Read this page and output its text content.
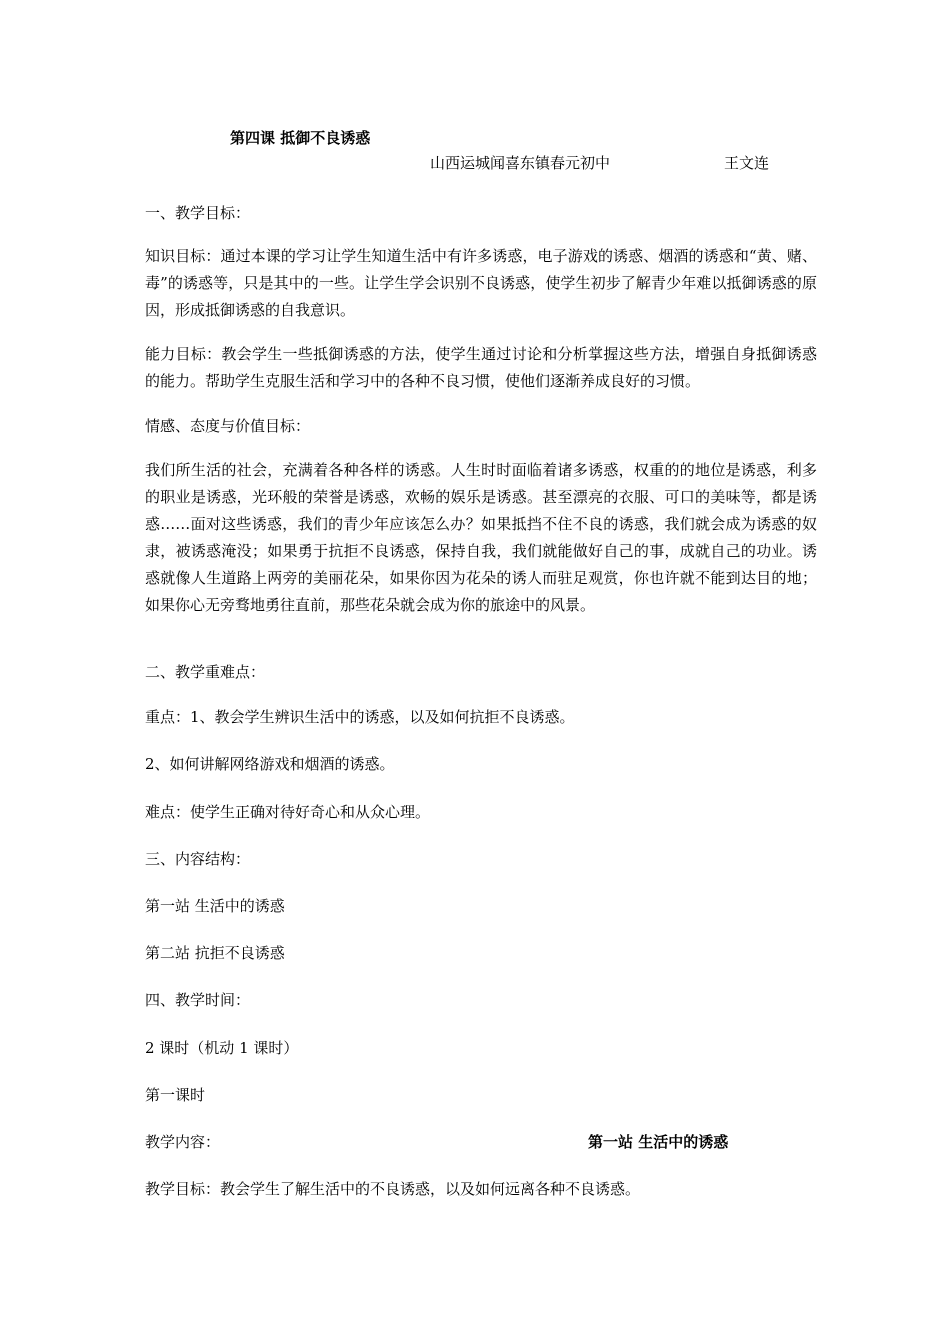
第四课 抵御不良诱惑
山西运城闻喜东镇春元初中	王文连
一、教学目标：
知识目标：通过本课的学习让学生知道生活中有许多诱惑，电子游戏的诱惑、烟酒的诱惑和“黄、赌、毒”的诱惑等，只是其中的一些。让学生学会识别不良诱惑，使学生初步了解青少年难以抵御诱惑的原因，形成抵御诱惑的自我意识。
能力目标：教会学生一些抵御诱惑的方法，使学生通过讨论和分析掌握这些方法，增强自身抵御诱惑的能力。帮助学生克服生活和学习中的各种不良习惯，使他们逐渐养成良好的习惯。
情感、态度与价值目标：
我们所生活的社会，充满着各种各样的诱惑。人生时时面临着诸多诱惑，权重的的地位是诱惑，利多的职业是诱惑，光环般的荣誉是诱惑，欢畅的娱乐是诱惑。甚至漂亮的衣服、可口的美味等，都是诱惑……面对这些诱惑，我们的青少年应该怎么办？如果抵挡不住不良的诱惑，我们就会成为诱惑的奴隶，被诱惑淹没；如果勇于抗拒不良诱惑，保持自我，我们就能做好自己的事，成就自己的功业。诱惑就像人生道路上两旁的美丽花朵，如果你因为花朵的诱人而驻足观赏，你也许就不能到达目的地；如果你心无旁骛地勇往直前，那些花朵就会成为你的旅途中的风景。
二、教学重难点：
重点：1、教会学生辨识生活中的诱惑，以及如何抗拒不良诱惑。
2、如何讲解网络游戏和烟酒的诱惑。
难点：使学生正确对待好奇心和从众心理。
三、内容结构：
第一站 生活中的诱惑
第二站 抗拒不良诱惑
四、教学时间：
2 课时（机动 1 课时）
第一课时
教学内容：	第一站 生活中的诱惑
教学目标：教会学生了解生活中的不良诱惑，以及如何远离各种不良诱惑。
